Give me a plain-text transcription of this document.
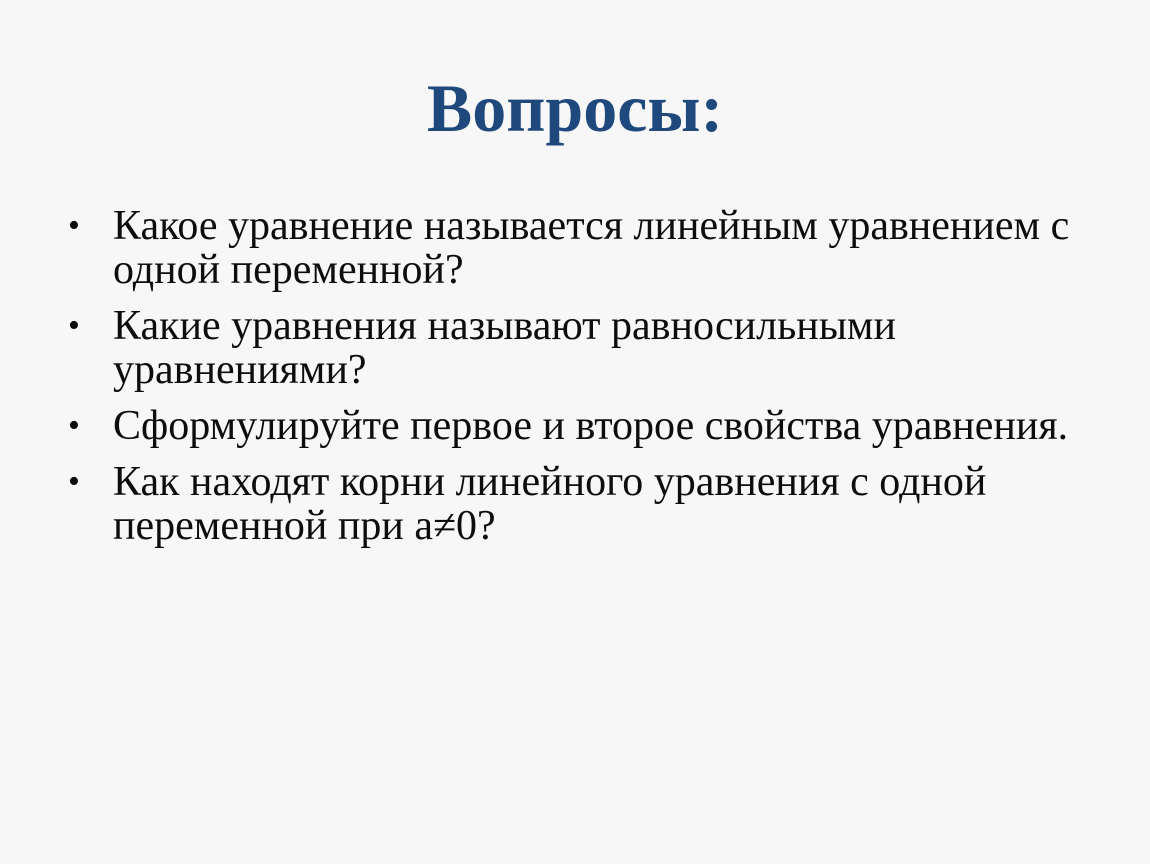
Вопросы:
• Какое уравнение называется линейным уравнением с одной переменной?
• Какие уравнения называют равносильными уравнениями?
• Сформулируйте первое и второе свойства уравнения.
• Как находят корни линейного уравнения с одной переменной при a≠0?
